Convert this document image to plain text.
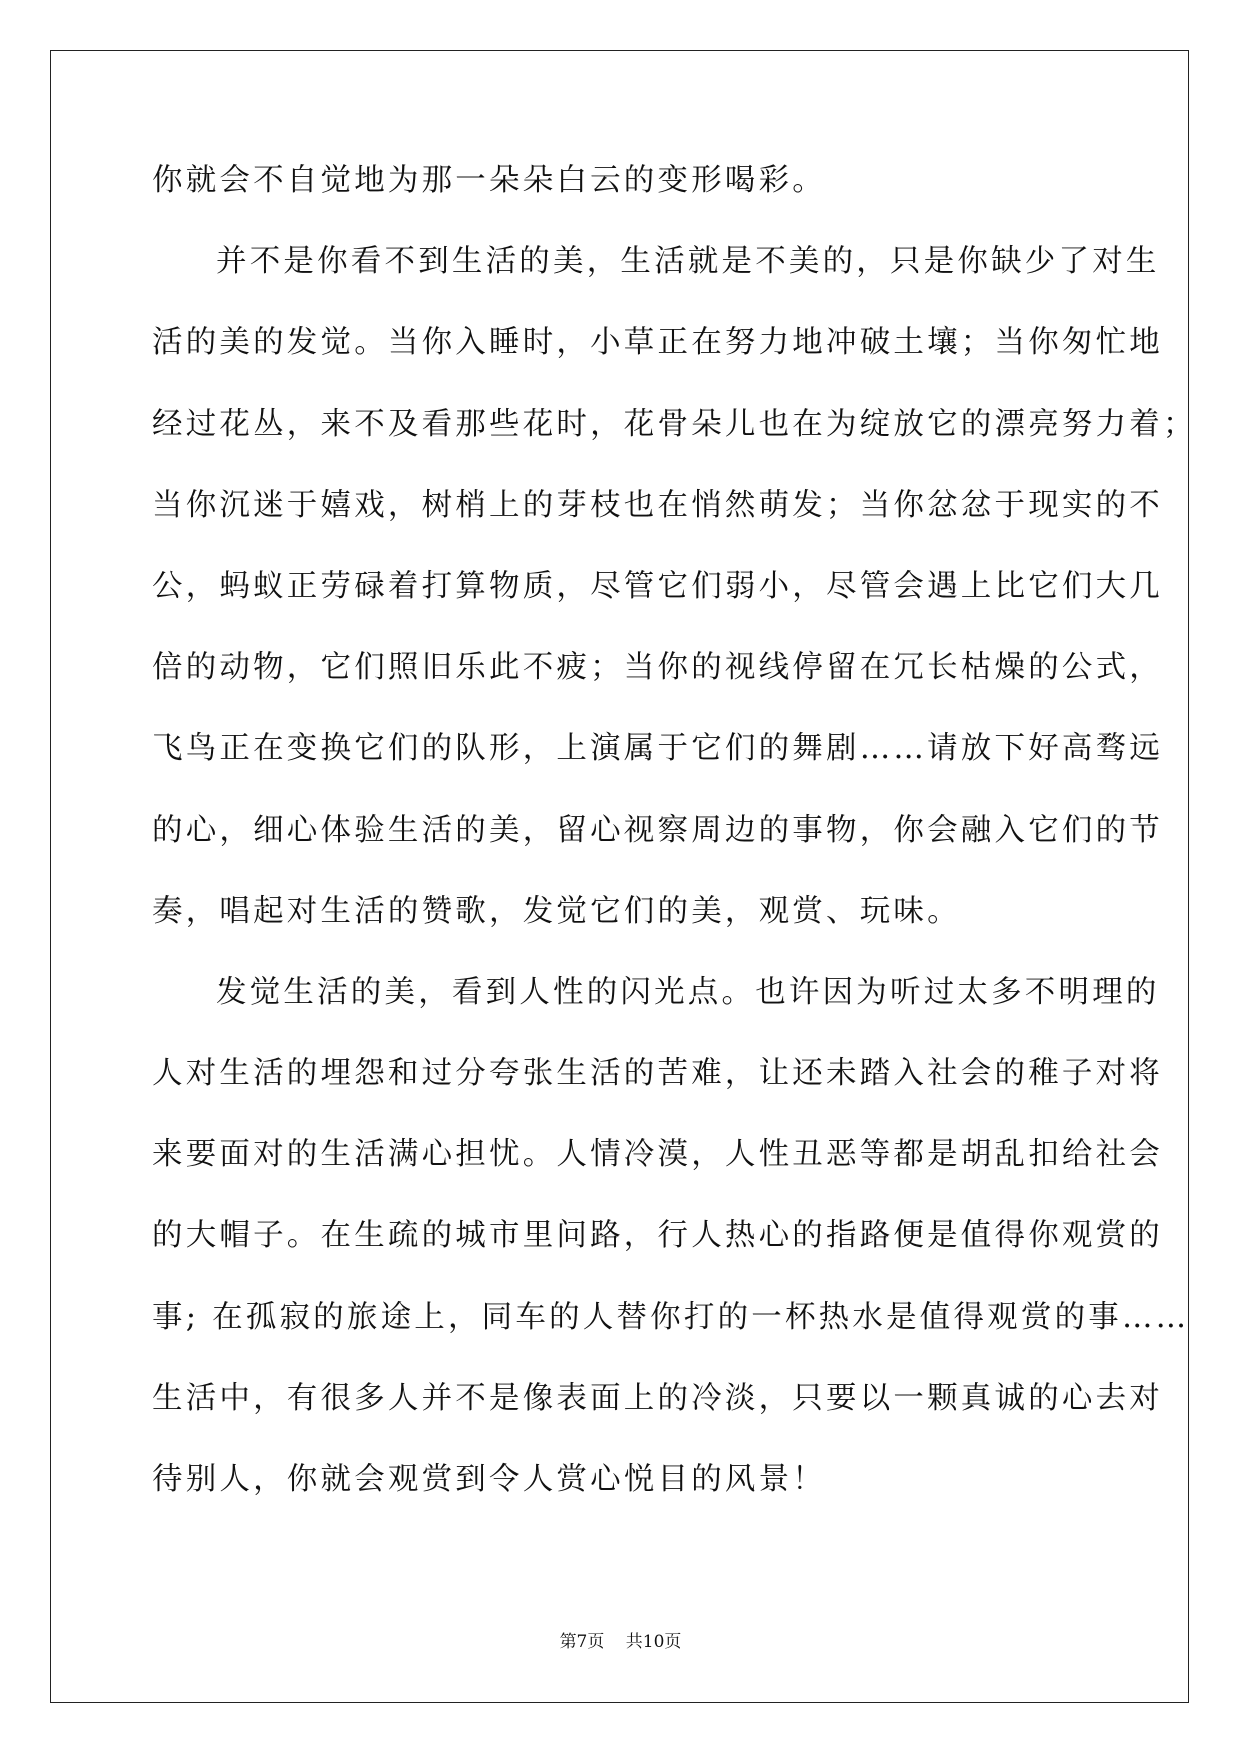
你就会不自觉地为那一朵朵白云的变形喝彩。
并不是你看不到生活的美，生活就是不美的，只是你缺少了对生
活的美的发觉。当你入睡时，小草正在努力地冲破土壤；当你匆忙地
经过花丛，来不及看那些花时，花骨朵儿也在为绽放它的漂亮努力着；
当你沉迷于嬉戏，树梢上的芽枝也在悄然萌发；当你忿忿于现实的不
公，蚂蚁正劳碌着打算物质，尽管它们弱小，尽管会遇上比它们大几
倍的动物，它们照旧乐此不疲；当你的视线停留在冗长枯燥的公式，
飞鸟正在变换它们的队形，上演属于它们的舞剧……请放下好高骛远
的心，细心体验生活的美，留心视察周边的事物，你会融入它们的节
奏，唱起对生活的赞歌，发觉它们的美，观赏、玩味。
发觉生活的美，看到人性的闪光点。也许因为听过太多不明理的
人对生活的埋怨和过分夸张生活的苦难，让还未踏入社会的稚子对将
来要面对的生活满心担忧。人情冷漠，人性丑恶等都是胡乱扣给社会
的大帽子。在生疏的城市里问路，行人热心的指路便是值得你观赏的
事; 在孤寂的旅途上，同车的人替你打的一杯热水是值得观赏的事……
生活中，有很多人并不是像表面上的冷淡，只要以一颗真诚的心去对
待别人，你就会观赏到令人赏心悦目的风景！
第7页 共10页
